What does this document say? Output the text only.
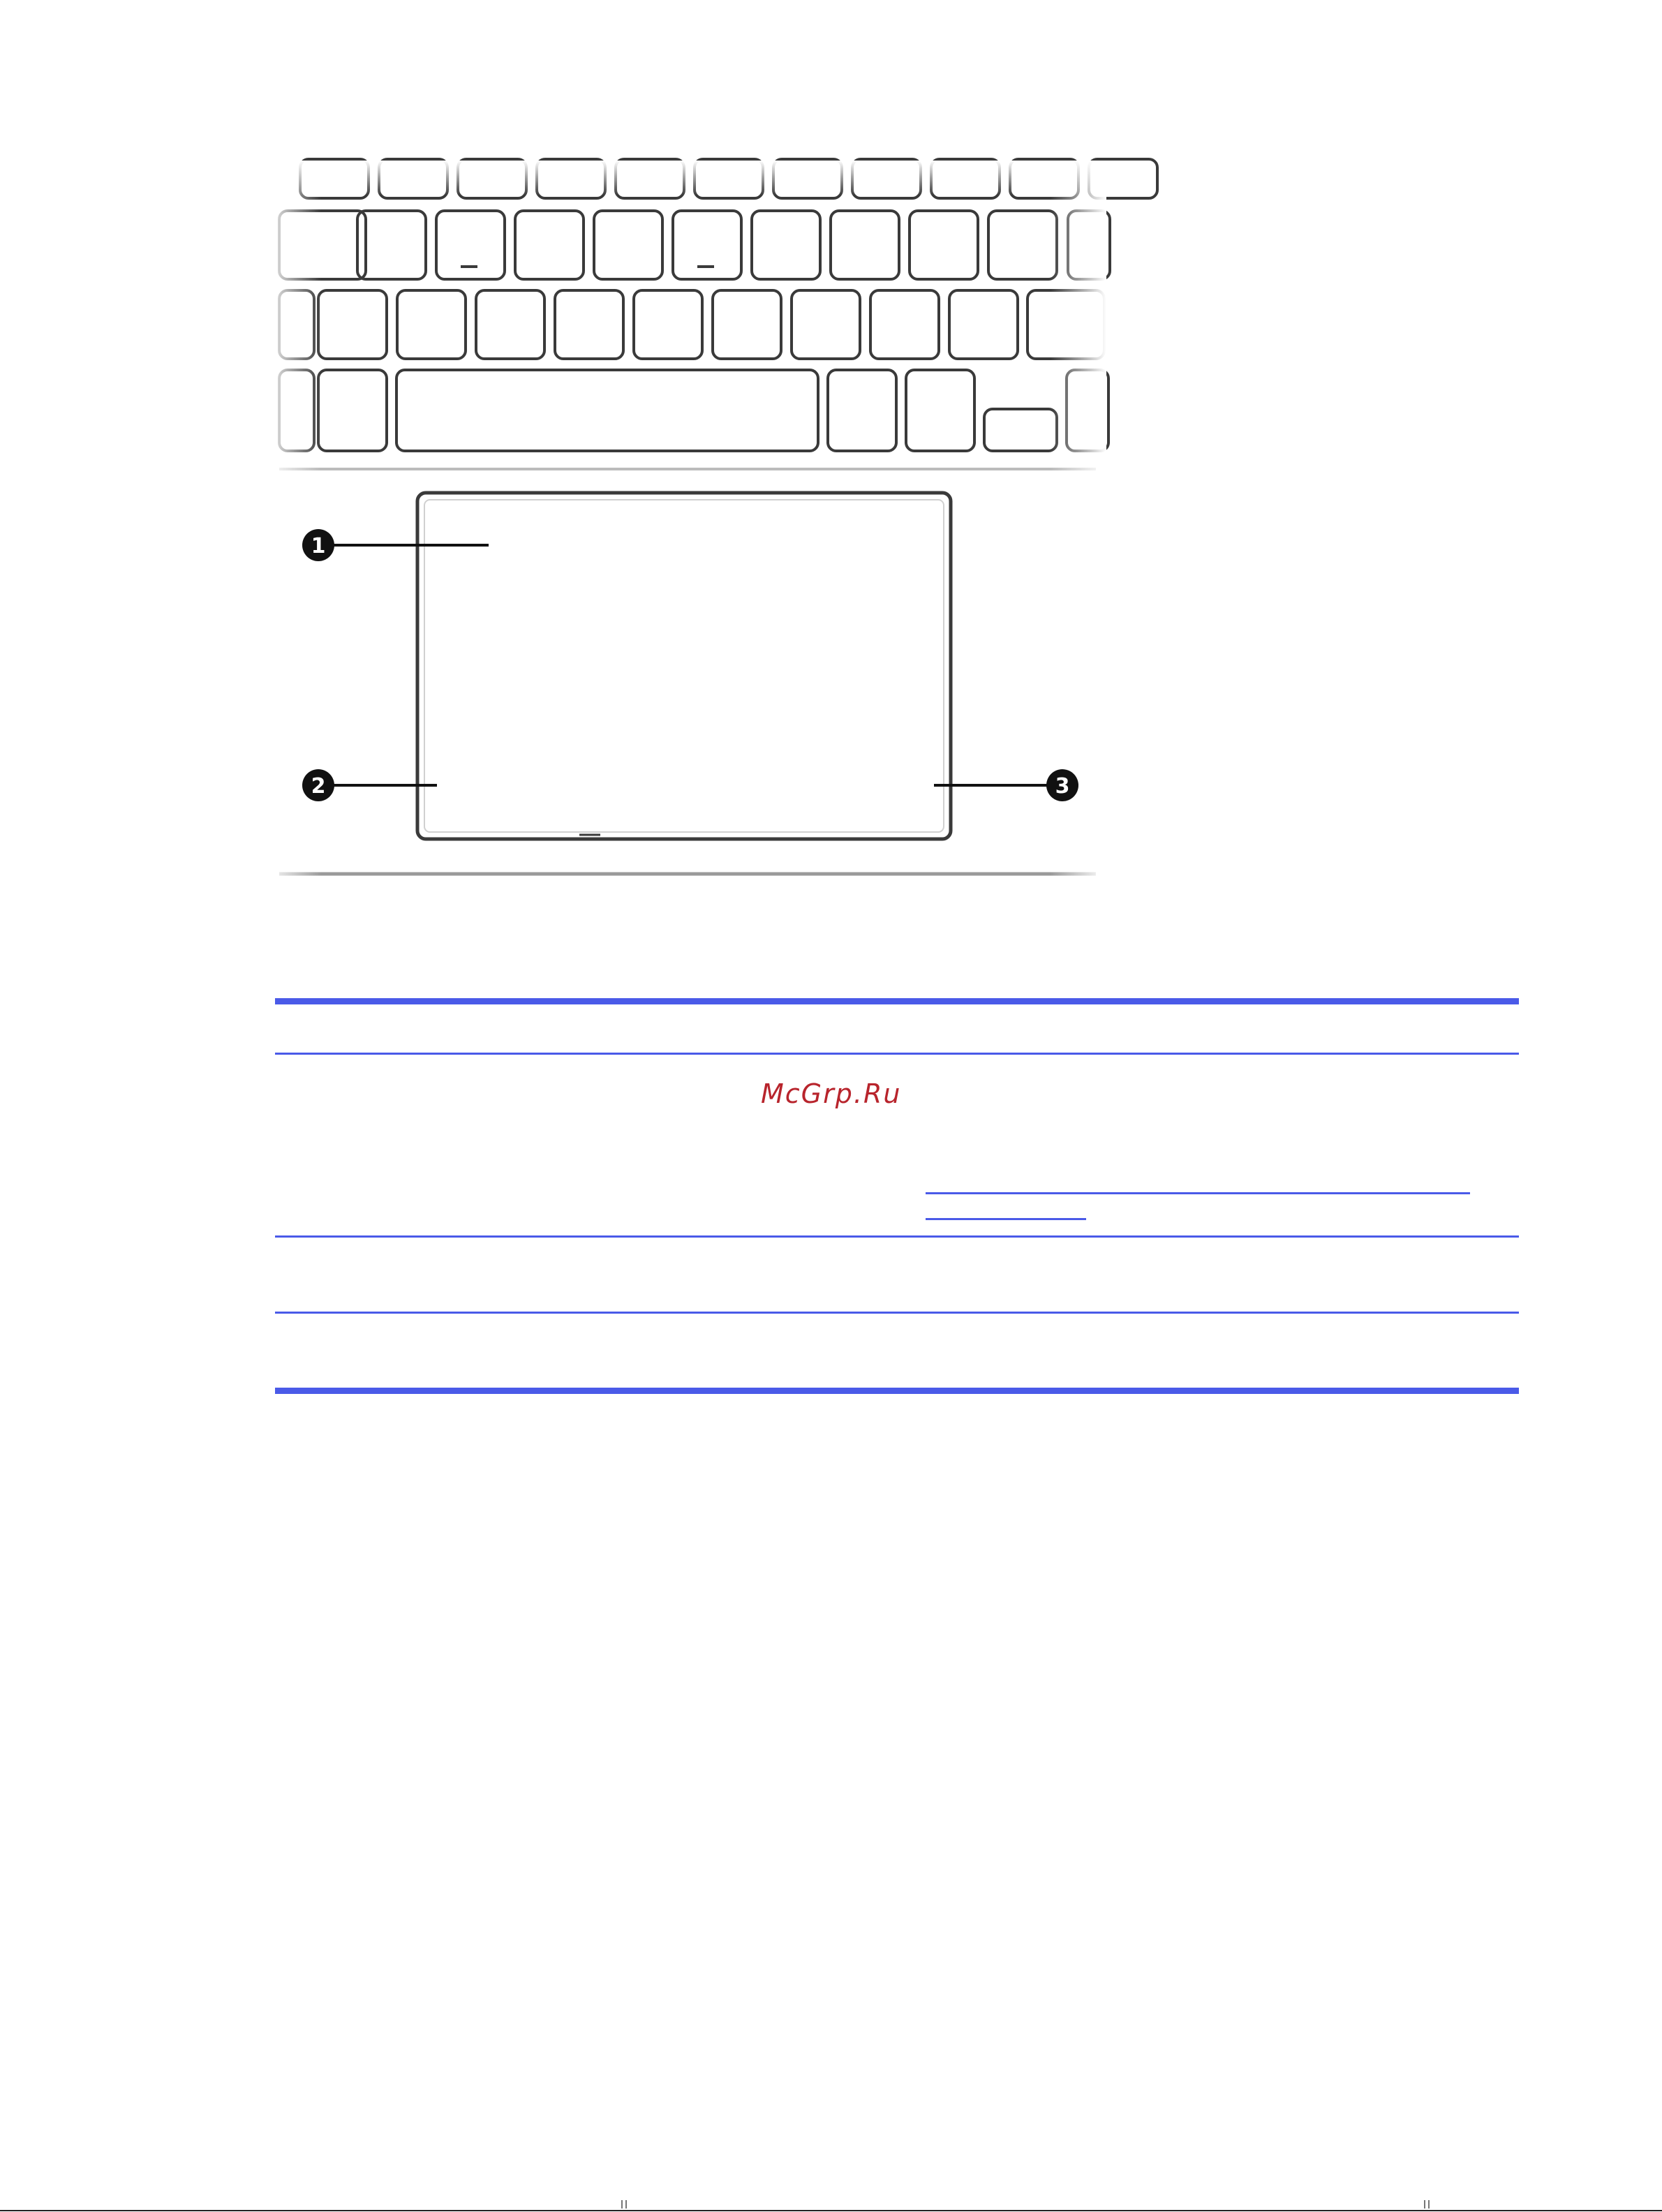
1
2	3
McGrp.Ru
